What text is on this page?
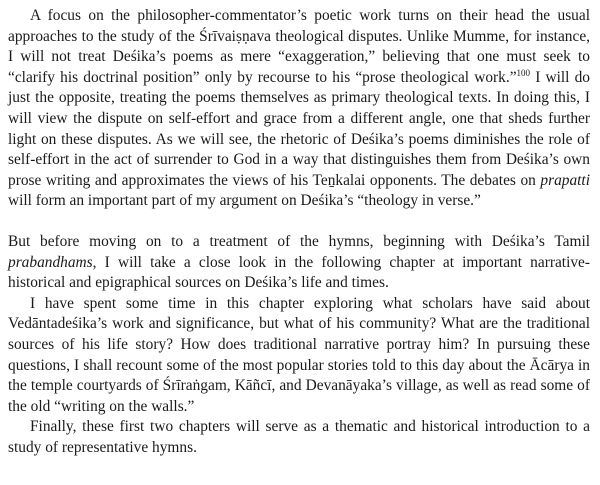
A focus on the philosopher-commentator’s poetic work turns on their head the usual approaches to the study of the Śrīvaiṣṇava theological disputes. Unlike Mumme, for instance, I will not treat Deśika’s poems as mere “exaggeration,” believing that one must seek to “clarify his doctrinal position” only by recourse to his “prose theological work.”$^{100}$ I will do just the opposite, treating the poems themselves as primary theological texts. In doing this, I will view the dispute on self-effort and grace from a different angle, one that sheds further light on these disputes. As we will see, the rhetoric of Deśika’s poems diminishes the role of self-effort in the act of surrender to God in a way that distinguishes them from Deśika’s own prose writing and approximates the views of his Teṉkalai opponents. The debates on prapatti will form an important part of my argument on Deśika’s “theology in verse.”

But before moving on to a treatment of the hymns, beginning with Deśika’s Tamil prabandhams, I will take a close look in the following chapter at important narrative-historical and epigraphical sources on Deśika’s life and times.

I have spent some time in this chapter exploring what scholars have said about Vedāntadeśika’s work and significance, but what of his community? What are the traditional sources of his life story? How does traditional narrative portray him? In pursuing these questions, I shall recount some of the most popular stories told to this day about the Ācārya in the temple courtyards of Śrīraṅgam, Kāñcī, and Devanāyaka’s village, as well as read some of the old “writing on the walls.”

Finally, these first two chapters will serve as a thematic and historical introduction to a study of representative hymns.
